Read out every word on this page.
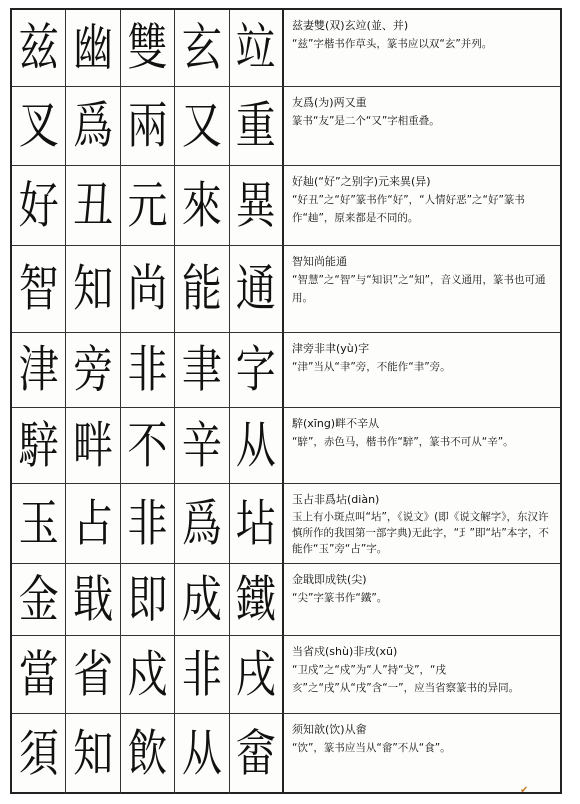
兹 幽 雙 玄 竝 兹妻雙(双)玄竝(並、并)
“兹”字楷书作草头，篆书应以双“玄”并列。
叉 爲 兩 又 重 友爲(为)两又重
篆书“友”是二个“又”字相重叠。
好 丑 元 來 異 好赸(“好”之别字)元来異(异)
“好丑”之“好”篆书作“好”，“人情好恶”之“好”篆书作“赸”，原来都是不同的。
智 知 尚 能 通 智知尚能通
“智慧”之“智”与“知识”之“知”，音义通用，篆书也可通用。
津 旁 非 聿 字 津旁非聿(yù)字
“津”当从“𦘒”旁，不能作“聿”旁。
騂 畔 不 辛 从 騂(xīng)畔不辛从
“騂”，赤色马，楷书作“騂”，篆书不可从“辛”。
玉 占 非 爲 坫 玉占非爲坫(diàn)
玉上有小斑点叫“坫”，《说文》(即《说文解字》，东汉许慎所作的我国第一部字典)无此字，“𤣩”即“坫”本字，不能作“玉”旁“占”字。
金 戢 即 成 鐵 金戢即成铁(尖)
“尖”字篆书作“鐵”。
當 省 戍 非 戌 当省戍(shù)非戌(xū)
“卫戍”之“戍”为“人”持“戈”，“戌亥”之“戌”从“戌”含“一”，应当省察篆书的异同。
須 知 飲 从 畲 须知歆(饮)从畲
“饮”，篆书应当从“畲”不从“食”。
✔
